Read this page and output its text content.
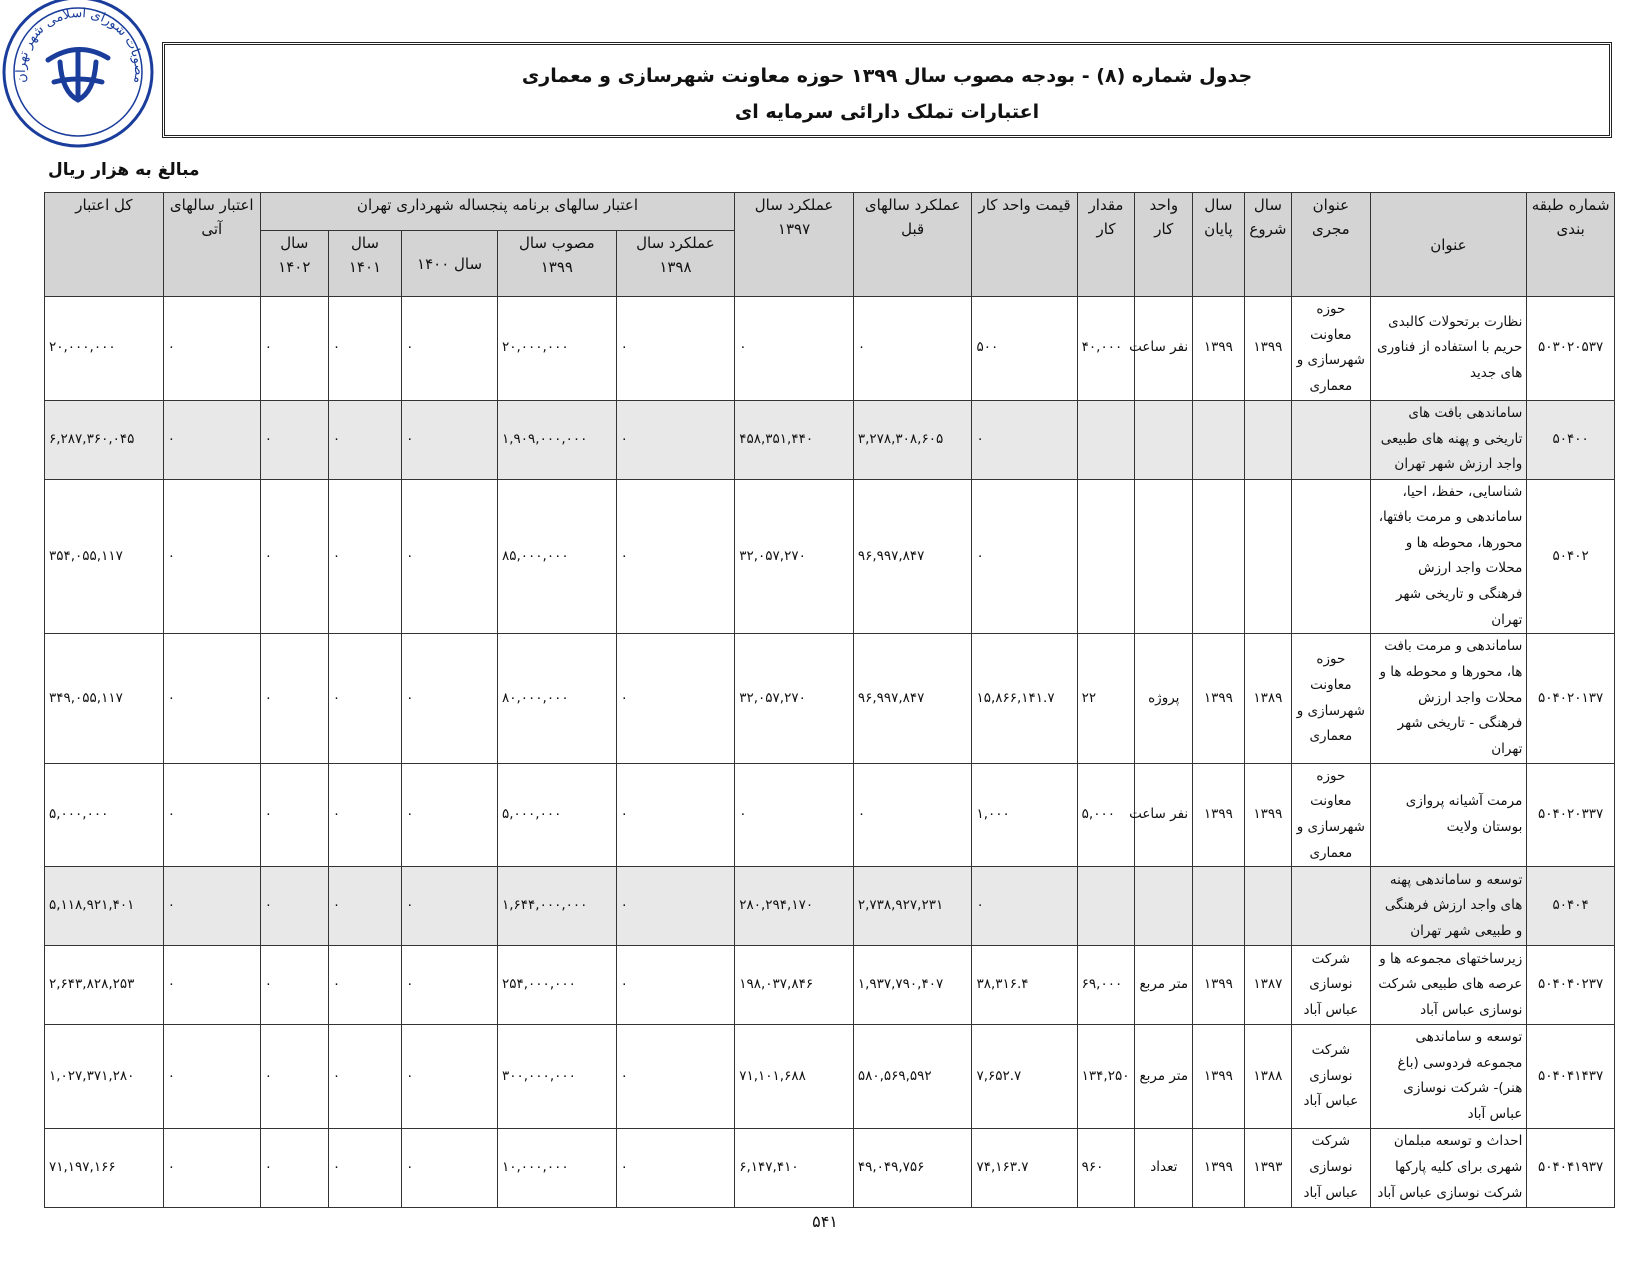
مصوبات شورای اسلامی شهر تهران	جدول شماره (۸) - بودجه مصوب سال ۱۳۹۹ حوزه معاونت شهرسازی و معماری
اعتبارات تملک دارائی سرمایه ای
مبالغ به هزار ریال
شماره طبقه بندی	عنوان	عنوان مجری	سال شروع	سال پایان	واحد کار	مقدار کار	قیمت واحد کار	عملکرد سالهای قبل	عملکرد سال ۱۳۹۷	اعتبار سالهای برنامه پنجساله شهرداری تهران					اعتبار سالهای آتی	کل اعتبار
										عملکرد سال ۱۳۹۸	مصوب سال ۱۳۹۹	سال ۱۴۰۰	سال ۱۴۰۱	سال ۱۴۰۲		
۵۰۳۰۲۰۵۳۷	نظارت برتحولات کالبدی حریم با استفاده از فناوری های جدید	حوزه معاونت شهرسازی و معماری	۱۳۹۹	۱۳۹۹	نفر ساعت	۴۰,۰۰۰	۵۰۰	۰	۰	۰	۲۰,۰۰۰,۰۰۰	۰	۰	۰	۰	۲۰,۰۰۰,۰۰۰
۵۰۴۰۰	ساماندهی بافت های تاریخی و پهنه های طبیعی واجد ارزش شهر تهران						۰	۳,۲۷۸,۳۰۸,۶۰۵	۴۵۸,۳۵۱,۴۴۰	۰	۱,۹۰۹,۰۰۰,۰۰۰	۰	۰	۰	۰	۶,۲۸۷,۳۶۰,۰۴۵
۵۰۴۰۲	شناسایی، حفظ، احیا، ساماندهی و مرمت بافتها، محورها، محوطه ها و محلات واجد ارزش فرهنگی و تاریخی شهر تهران						۰	۹۶,۹۹۷,۸۴۷	۳۲,۰۵۷,۲۷۰	۰	۸۵,۰۰۰,۰۰۰	۰	۰	۰	۰	۳۵۴,۰۵۵,۱۱۷
۵۰۴۰۲۰۱۳۷	ساماندهی و مرمت بافت ها، محورها و محوطه ها و محلات واجد ارزش فرهنگی - تاریخی شهر تهران	حوزه معاونت شهرسازی و معماری	۱۳۸۹	۱۳۹۹	پروژه	۲۲	۱۵,۸۶۶,۱۴۱.۷	۹۶,۹۹۷,۸۴۷	۳۲,۰۵۷,۲۷۰	۰	۸۰,۰۰۰,۰۰۰	۰	۰	۰	۰	۳۴۹,۰۵۵,۱۱۷
۵۰۴۰۲۰۳۳۷	مرمت آشیانه پروازی بوستان ولایت	حوزه معاونت شهرسازی و معماری	۱۳۹۹	۱۳۹۹	نفر ساعت	۵,۰۰۰	۱,۰۰۰	۰	۰	۰	۵,۰۰۰,۰۰۰	۰	۰	۰	۰	۵,۰۰۰,۰۰۰
۵۰۴۰۴	توسعه و ساماندهی پهنه های واجد ارزش فرهنگی و طبیعی شهر تهران						۰	۲,۷۳۸,۹۲۷,۲۳۱	۲۸۰,۲۹۴,۱۷۰	۰	۱,۶۴۴,۰۰۰,۰۰۰	۰	۰	۰	۰	۵,۱۱۸,۹۲۱,۴۰۱
۵۰۴۰۴۰۲۳۷	زیرساختهای مجموعه ها و عرصه های طبیعی شرکت نوسازی عباس آباد	شرکت نوسازی عباس آباد	۱۳۸۷	۱۳۹۹	متر مربع	۶۹,۰۰۰	۳۸,۳۱۶.۴	۱,۹۳۷,۷۹۰,۴۰۷	۱۹۸,۰۳۷,۸۴۶	۰	۲۵۴,۰۰۰,۰۰۰	۰	۰	۰	۰	۲,۶۴۳,۸۲۸,۲۵۳
۵۰۴۰۴۱۴۳۷	توسعه و ساماندهی مجموعه فردوسی (باغ هنر)- شرکت نوسازی عباس آباد	شرکت نوسازی عباس آباد	۱۳۸۸	۱۳۹۹	متر مربع	۱۳۴,۲۵۰	۷,۶۵۲.۷	۵۸۰,۵۶۹,۵۹۲	۷۱,۱۰۱,۶۸۸	۰	۳۰۰,۰۰۰,۰۰۰	۰	۰	۰	۰	۱,۰۲۷,۳۷۱,۲۸۰
۵۰۴۰۴۱۹۳۷	احداث و توسعه مبلمان شهری برای کلیه پارکها شرکت نوسازی عباس آباد	شرکت نوسازی عباس آباد	۱۳۹۳	۱۳۹۹	تعداد	۹۶۰	۷۴,۱۶۳.۷	۴۹,۰۴۹,۷۵۶	۶,۱۴۷,۴۱۰	۰	۱۰,۰۰۰,۰۰۰	۰	۰	۰	۰	۷۱,۱۹۷,۱۶۶
۵۴۱
